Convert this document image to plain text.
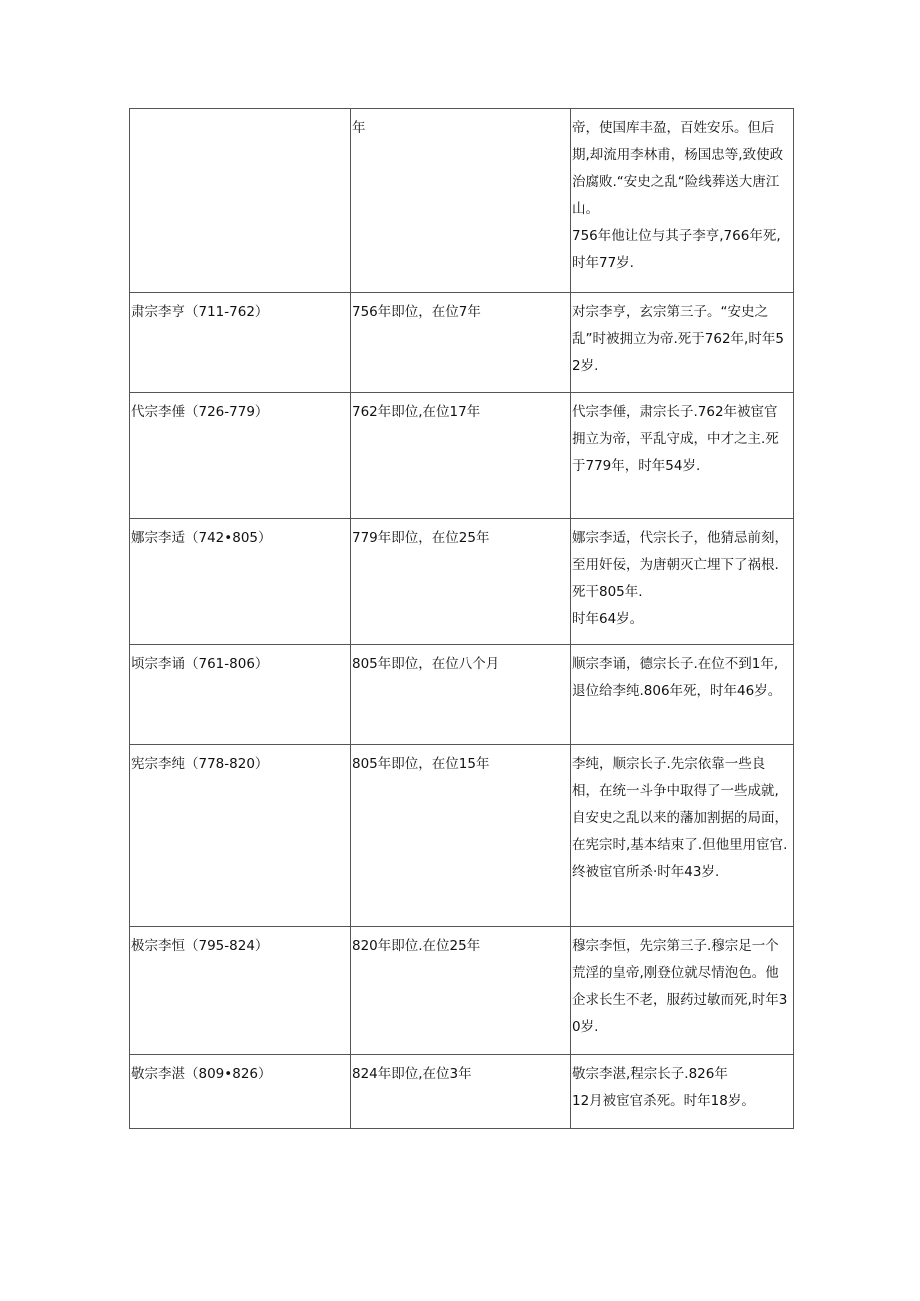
	年	帝，使国库丰盈，百姓安乐。但后期,却流用李林甫，杨国忠等,致使政治腐败.“安史之乱“险线葬送大唐江山。
756年他让位与其子李亨,766年死,时年77岁.

肃宗李亨（711-762）	756年即位，在位7年	对宗李亨，玄宗第三子。“安史之乱”时被拥立为帝.死于762年,时年52岁.

代宗李倕（726-779）	762年即位,在位17年	代宗李倕，肃宗长子.762年被宦官拥立为帝，平乱守成，中才之主.死于779年，时年54岁.

娜宗李适（742•805）	779年即位，在位25年	娜宗李适，代宗长子，他猜忌前刻，至用奸佞，为唐朝灭亡埋下了祸根.死干805年.
时年64岁。

顷宗李诵（761-806）	805年即位，在位八个月	顺宗李诵，德宗长子.在位不到1年,退位给李纯.806年死，时年46岁。

宪宗李纯（778-820）	805年即位，在位15年	李纯，顺宗长子.先宗依靠一些良相，在统一斗争中取得了一些成就,自安史之乱以来的藩加割据的局面，在宪宗时,基本结束了.但他里用宦官.终被宦官所杀·时年43岁.

极宗李恒（795-824）	820年即位.在位25年	穆宗李恒，先宗第三子.穆宗足一个荒淫的皇帝,刚登位就尽情泡色。他企求长生不老，服药过敏而死,时年30岁.

敬宗李湛（809•826）	824年即位,在位3年	敬宗李湛,程宗长子.826年
12月被宦官杀死。时年18岁。
